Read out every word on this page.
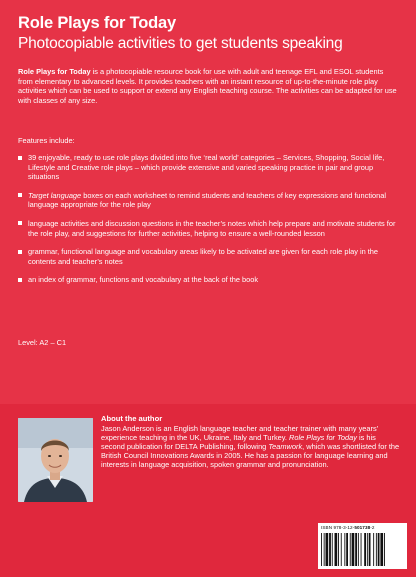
Role Plays for Today
Photocopiable activities to get students speaking
Role Plays for Today is a photocopiable resource book for use with adult and teenage EFL and ESOL students from elementary to advanced levels. It provides teachers with an instant resource of up-to-the-minute role play activities which can be used to support or extend any English teaching course. The activities can be adapted for use with classes of any size.
Features include:
39 enjoyable, ready to use role plays divided into five ‘real world’ categories – Services, Shopping, Social life, Lifestyle and Creative role plays – which provide extensive and varied speaking practice in pair and group situations
Target language boxes on each worksheet to remind students and teachers of key expressions and functional language appropriate for the role play
language activities and discussion questions in the teacher’s notes which help prepare and motivate students for the role play, and suggestions for further activities, helping to ensure a well-rounded lesson
grammar, functional language and vocabulary areas likely to be activated are given for each role play in the contents and teacher’s notes
an index of grammar, functions and vocabulary at the back of the book
Level: A2 – C1
About the author
Jason Anderson is an English language teacher and teacher trainer with many years’ experience teaching in the UK, Ukraine, Italy and Turkey. Role Plays for Today is his second publication for DELTA Publishing, following Teamwork, which was shortlisted for the British Council Innovations Awards in 2005. He has a passion for language learning and interests in language acquisition, spoken grammar and pronunciation.
ISBN 978-3-12-501738-2
